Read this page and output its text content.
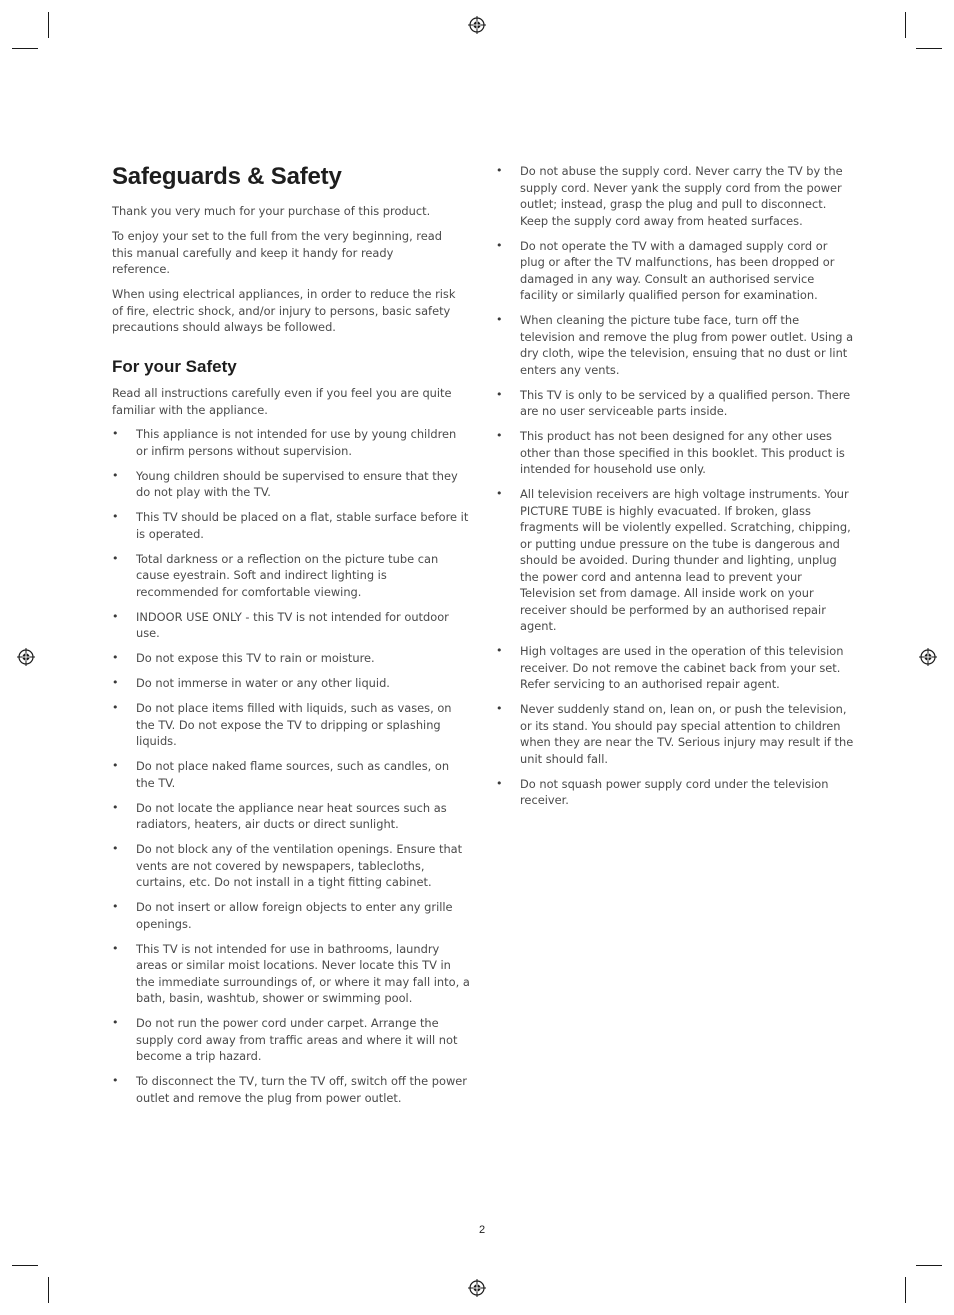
Safeguards & Safety

Thank you very much for your purchase of this product.

To enjoy your set to the full from the very beginning, read this manual carefully and keep it handy for ready reference.

When using electrical appliances, in order to reduce the risk of fire, electric shock, and/or injury to persons, basic safety precautions should always be followed.

For your Safety

Read all instructions carefully even if you feel you are quite familiar with the appliance.

• This appliance is not intended for use by young children or infirm persons without supervision.
• Young children should be supervised to ensure that they do not play with the TV.
• This TV should be placed on a flat, stable surface before it is operated.
• Total darkness or a reflection on the picture tube can cause eyestrain. Soft and indirect lighting is recommended for comfortable viewing.
• INDOOR USE ONLY - this TV is not intended for outdoor use.
• Do not expose this TV to rain or moisture.
• Do not immerse in water or any other liquid.
• Do not place items filled with liquids, such as vases, on the TV. Do not expose the TV to dripping or splashing liquids.
• Do not place naked flame sources, such as candles, on the TV.
• Do not locate the appliance near heat sources such as radiators, heaters, air ducts or direct sunlight.
• Do not block any of the ventilation openings. Ensure that vents are not covered by newspapers, tablecloths, curtains, etc. Do not install in a tight fitting cabinet.
• Do not insert or allow foreign objects to enter any grille openings.
• This TV is not intended for use in bathrooms, laundry areas or similar moist locations. Never locate this TV in the immediate surroundings of, or where it may fall into, a bath, basin, washtub, shower or swimming pool.
• Do not run the power cord under carpet. Arrange the supply cord away from traffic areas and where it will not become a trip hazard.
• To disconnect the TV, turn the TV off, switch off the power outlet and remove the plug from power outlet.
• Do not abuse the supply cord. Never carry the TV by the supply cord. Never yank the supply cord from the power outlet; instead, grasp the plug and pull to disconnect. Keep the supply cord away from heated surfaces.
• Do not operate the TV with a damaged supply cord or plug or after the TV malfunctions, has been dropped or damaged in any way. Consult an authorised service facility or similarly qualified person for examination.
• When cleaning the picture tube face, turn off the television and remove the plug from power outlet. Using a dry cloth, wipe the television, ensuing that no dust or lint enters any vents.
• This TV is only to be serviced by a qualified person. There are no user serviceable parts inside.
• This product has not been designed for any other uses other than those specified in this booklet. This product is intended for household use only.
• All television receivers are high voltage instruments. Your PICTURE TUBE is highly evacuated. If broken, glass fragments will be violently expelled. Scratching, chipping, or putting undue pressure on the tube is dangerous and should be avoided. During thunder and lighting, unplug the power cord and antenna lead to prevent your Television set from damage. All inside work on your receiver should be performed by an authorised repair agent.
• High voltages are used in the operation of this television receiver. Do not remove the cabinet back from your set. Refer servicing to an authorised repair agent.
• Never suddenly stand on, lean on, or push the television, or its stand. You should pay special attention to children when they are near the TV. Serious injury may result if the unit should fall.
• Do not squash power supply cord under the television receiver.
2
